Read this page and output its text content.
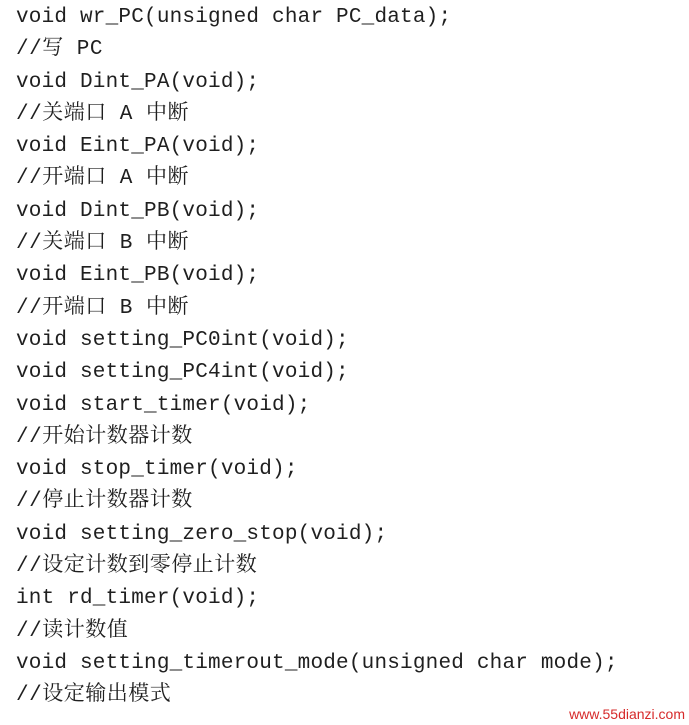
void wr_PC(unsigned char PC_data);
//写 PC
void Dint_PA(void);
//关端口 A 中断
void Eint_PA(void);
//开端口 A 中断
void Dint_PB(void);
//关端口 B 中断
void Eint_PB(void);
//开端口 B 中断
void setting_PC0int(void);
void setting_PC4int(void);
void start_timer(void);
//开始计数器计数
void stop_timer(void);
//停止计数器计数
void setting_zero_stop(void);
//设定计数到零停止计数
int rd_timer(void);
//读计数值
void setting_timerout_mode(unsigned char mode);
//设定输出模式
www.55dianzi.com
